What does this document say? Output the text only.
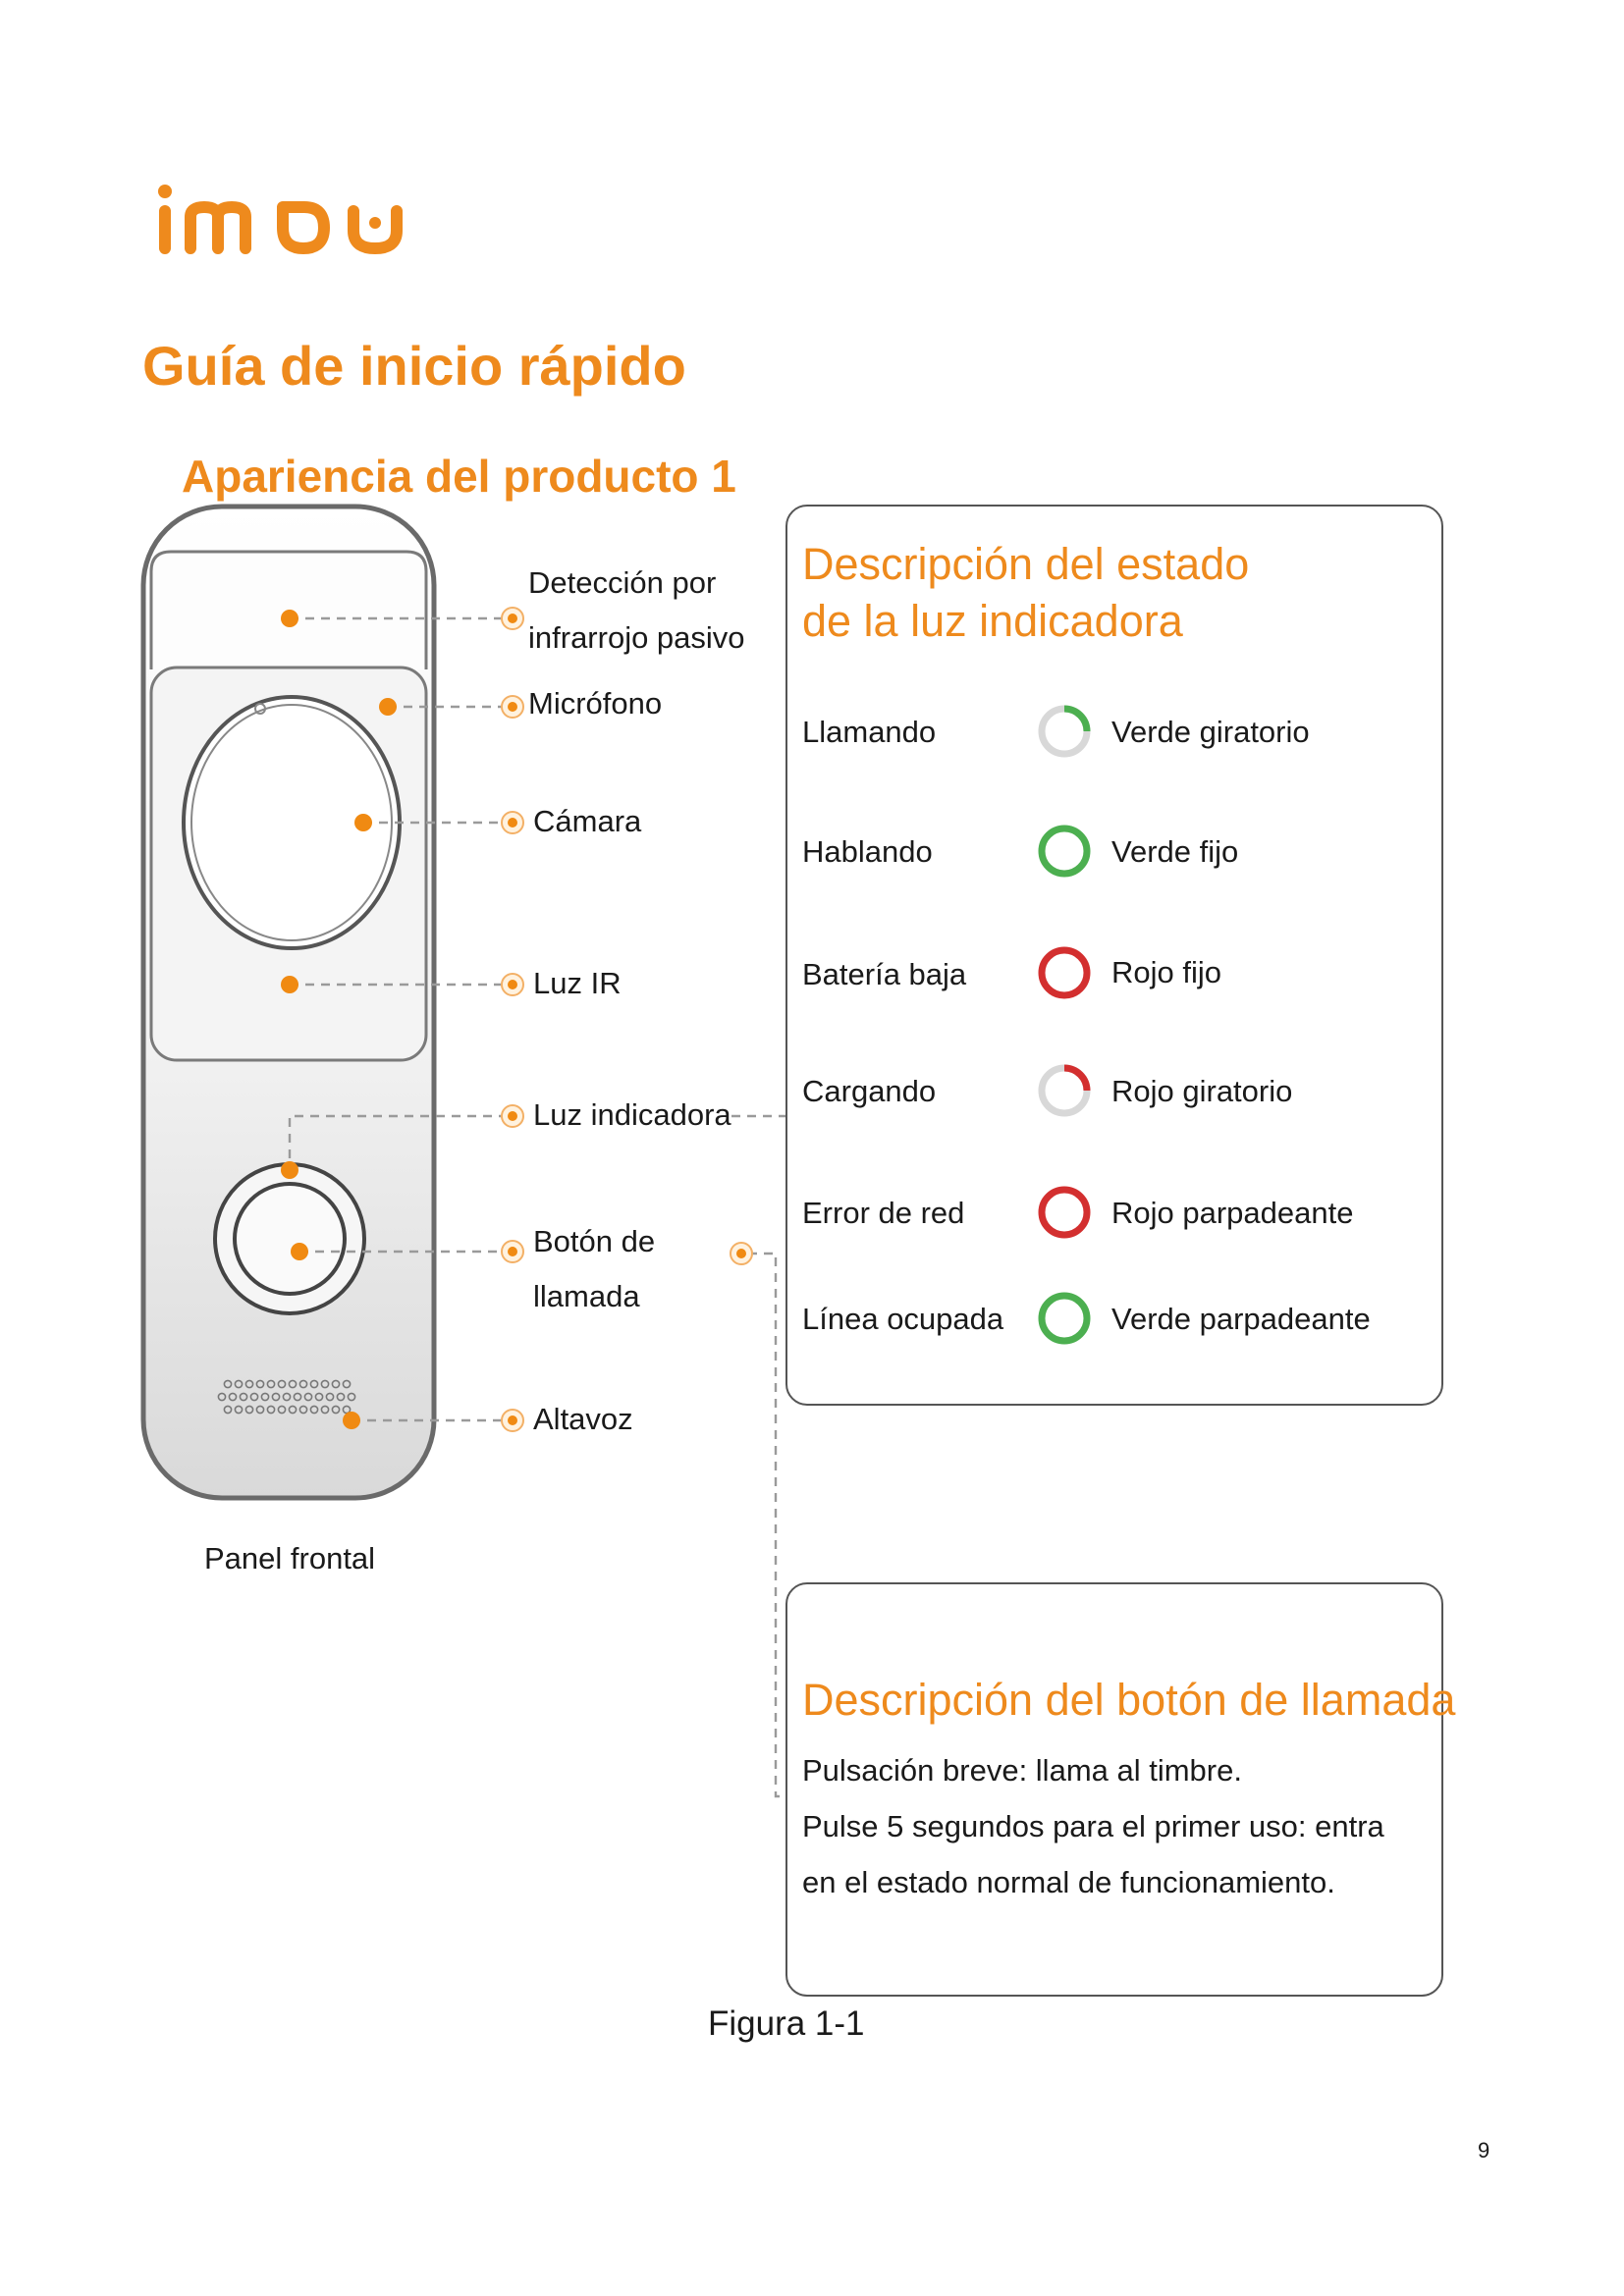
Guía de inicio rápido
Apariencia del producto 1
Detección por
infrarrojo pasivo
Micrófono
Cámara
Luz IR
Luz indicadora
Botón de
llamada
Altavoz
Panel frontal
Descripción del estado
de la luz indicadora
Llamando	Verde giratorio
Hablando	Verde fijo
Batería baja	Rojo fijo
Cargando	Rojo giratorio
Error de red	Rojo parpadeante
Línea ocupada	Verde parpadeante
Descripción del botón de llamada
Pulsación breve: llama al timbre.
Pulse 5 segundos para el primer uso: entra
en el estado normal de funcionamiento.
Figura 1-1
9
